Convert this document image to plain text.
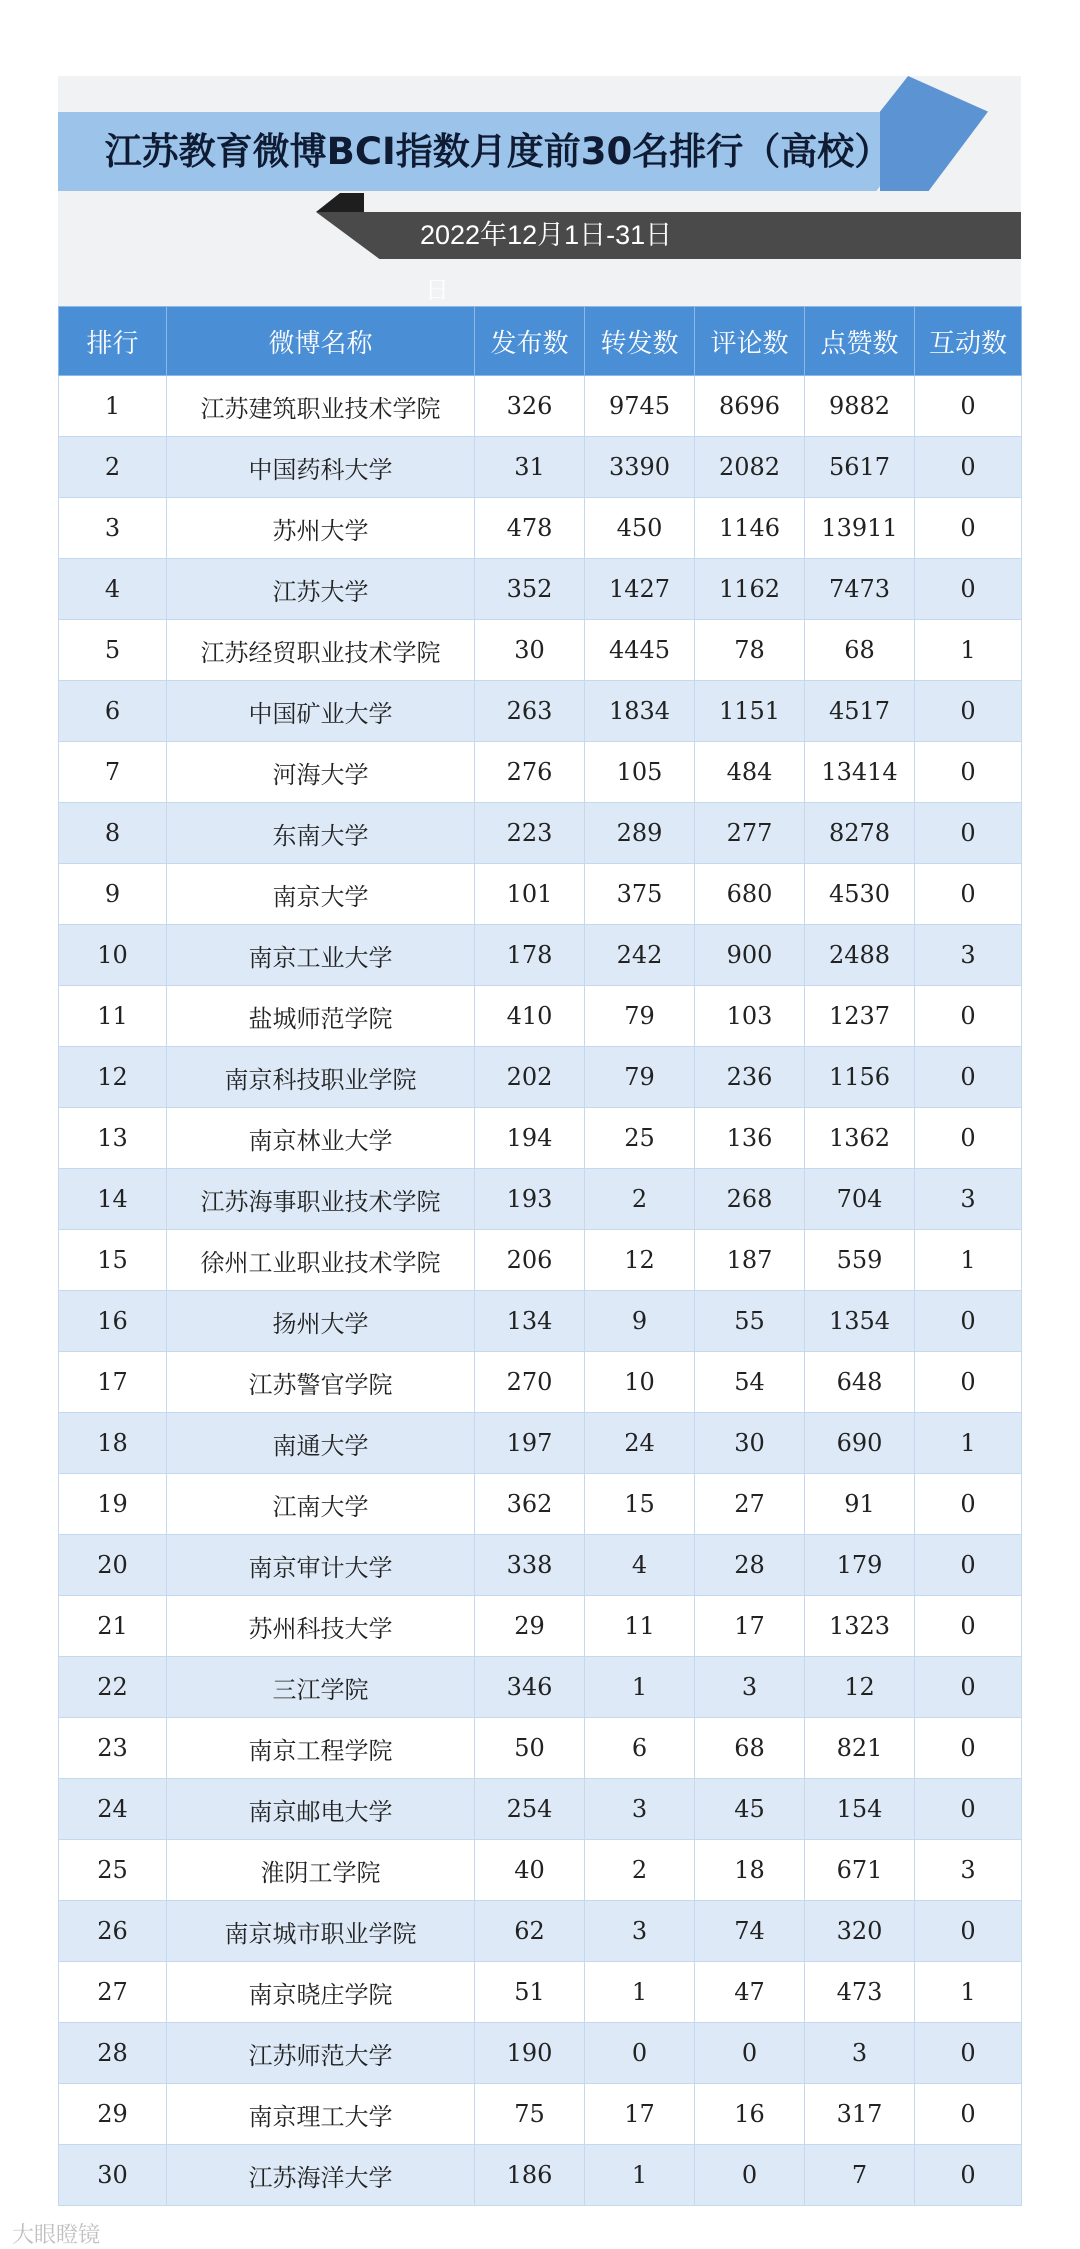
江苏教育微博BCI指数月度前30名排行（高校）
2022年12月1日-31日
日
排行	微博名称	发布数	转发数	评论数	点赞数	互动数
1	江苏建筑职业技术学院	326	9745	8696	9882	0
2	中国药科大学	31	3390	2082	5617	0
3	苏州大学	478	450	1146	13911	0
4	江苏大学	352	1427	1162	7473	0
5	江苏经贸职业技术学院	30	4445	78	68	1
6	中国矿业大学	263	1834	1151	4517	0
7	河海大学	276	105	484	13414	0
8	东南大学	223	289	277	8278	0
9	南京大学	101	375	680	4530	0
10	南京工业大学	178	242	900	2488	3
11	盐城师范学院	410	79	103	1237	0
12	南京科技职业学院	202	79	236	1156	0
13	南京林业大学	194	25	136	1362	0
14	江苏海事职业技术学院	193	2	268	704	3
15	徐州工业职业技术学院	206	12	187	559	1
16	扬州大学	134	9	55	1354	0
17	江苏警官学院	270	10	54	648	0
18	南通大学	197	24	30	690	1
19	江南大学	362	15	27	91	0
20	南京审计大学	338	4	28	179	0
21	苏州科技大学	29	11	17	1323	0
22	三江学院	346	1	3	12	0
23	南京工程学院	50	6	68	821	0
24	南京邮电大学	254	3	45	154	0
25	淮阴工学院	40	2	18	671	3
26	南京城市职业学院	62	3	74	320	0
27	南京晓庄学院	51	1	47	473	1
28	江苏师范大学	190	0	0	3	0
29	南京理工大学	75	17	16	317	0
30	江苏海洋大学	186	1	0	7	0
大眼瞪镜
